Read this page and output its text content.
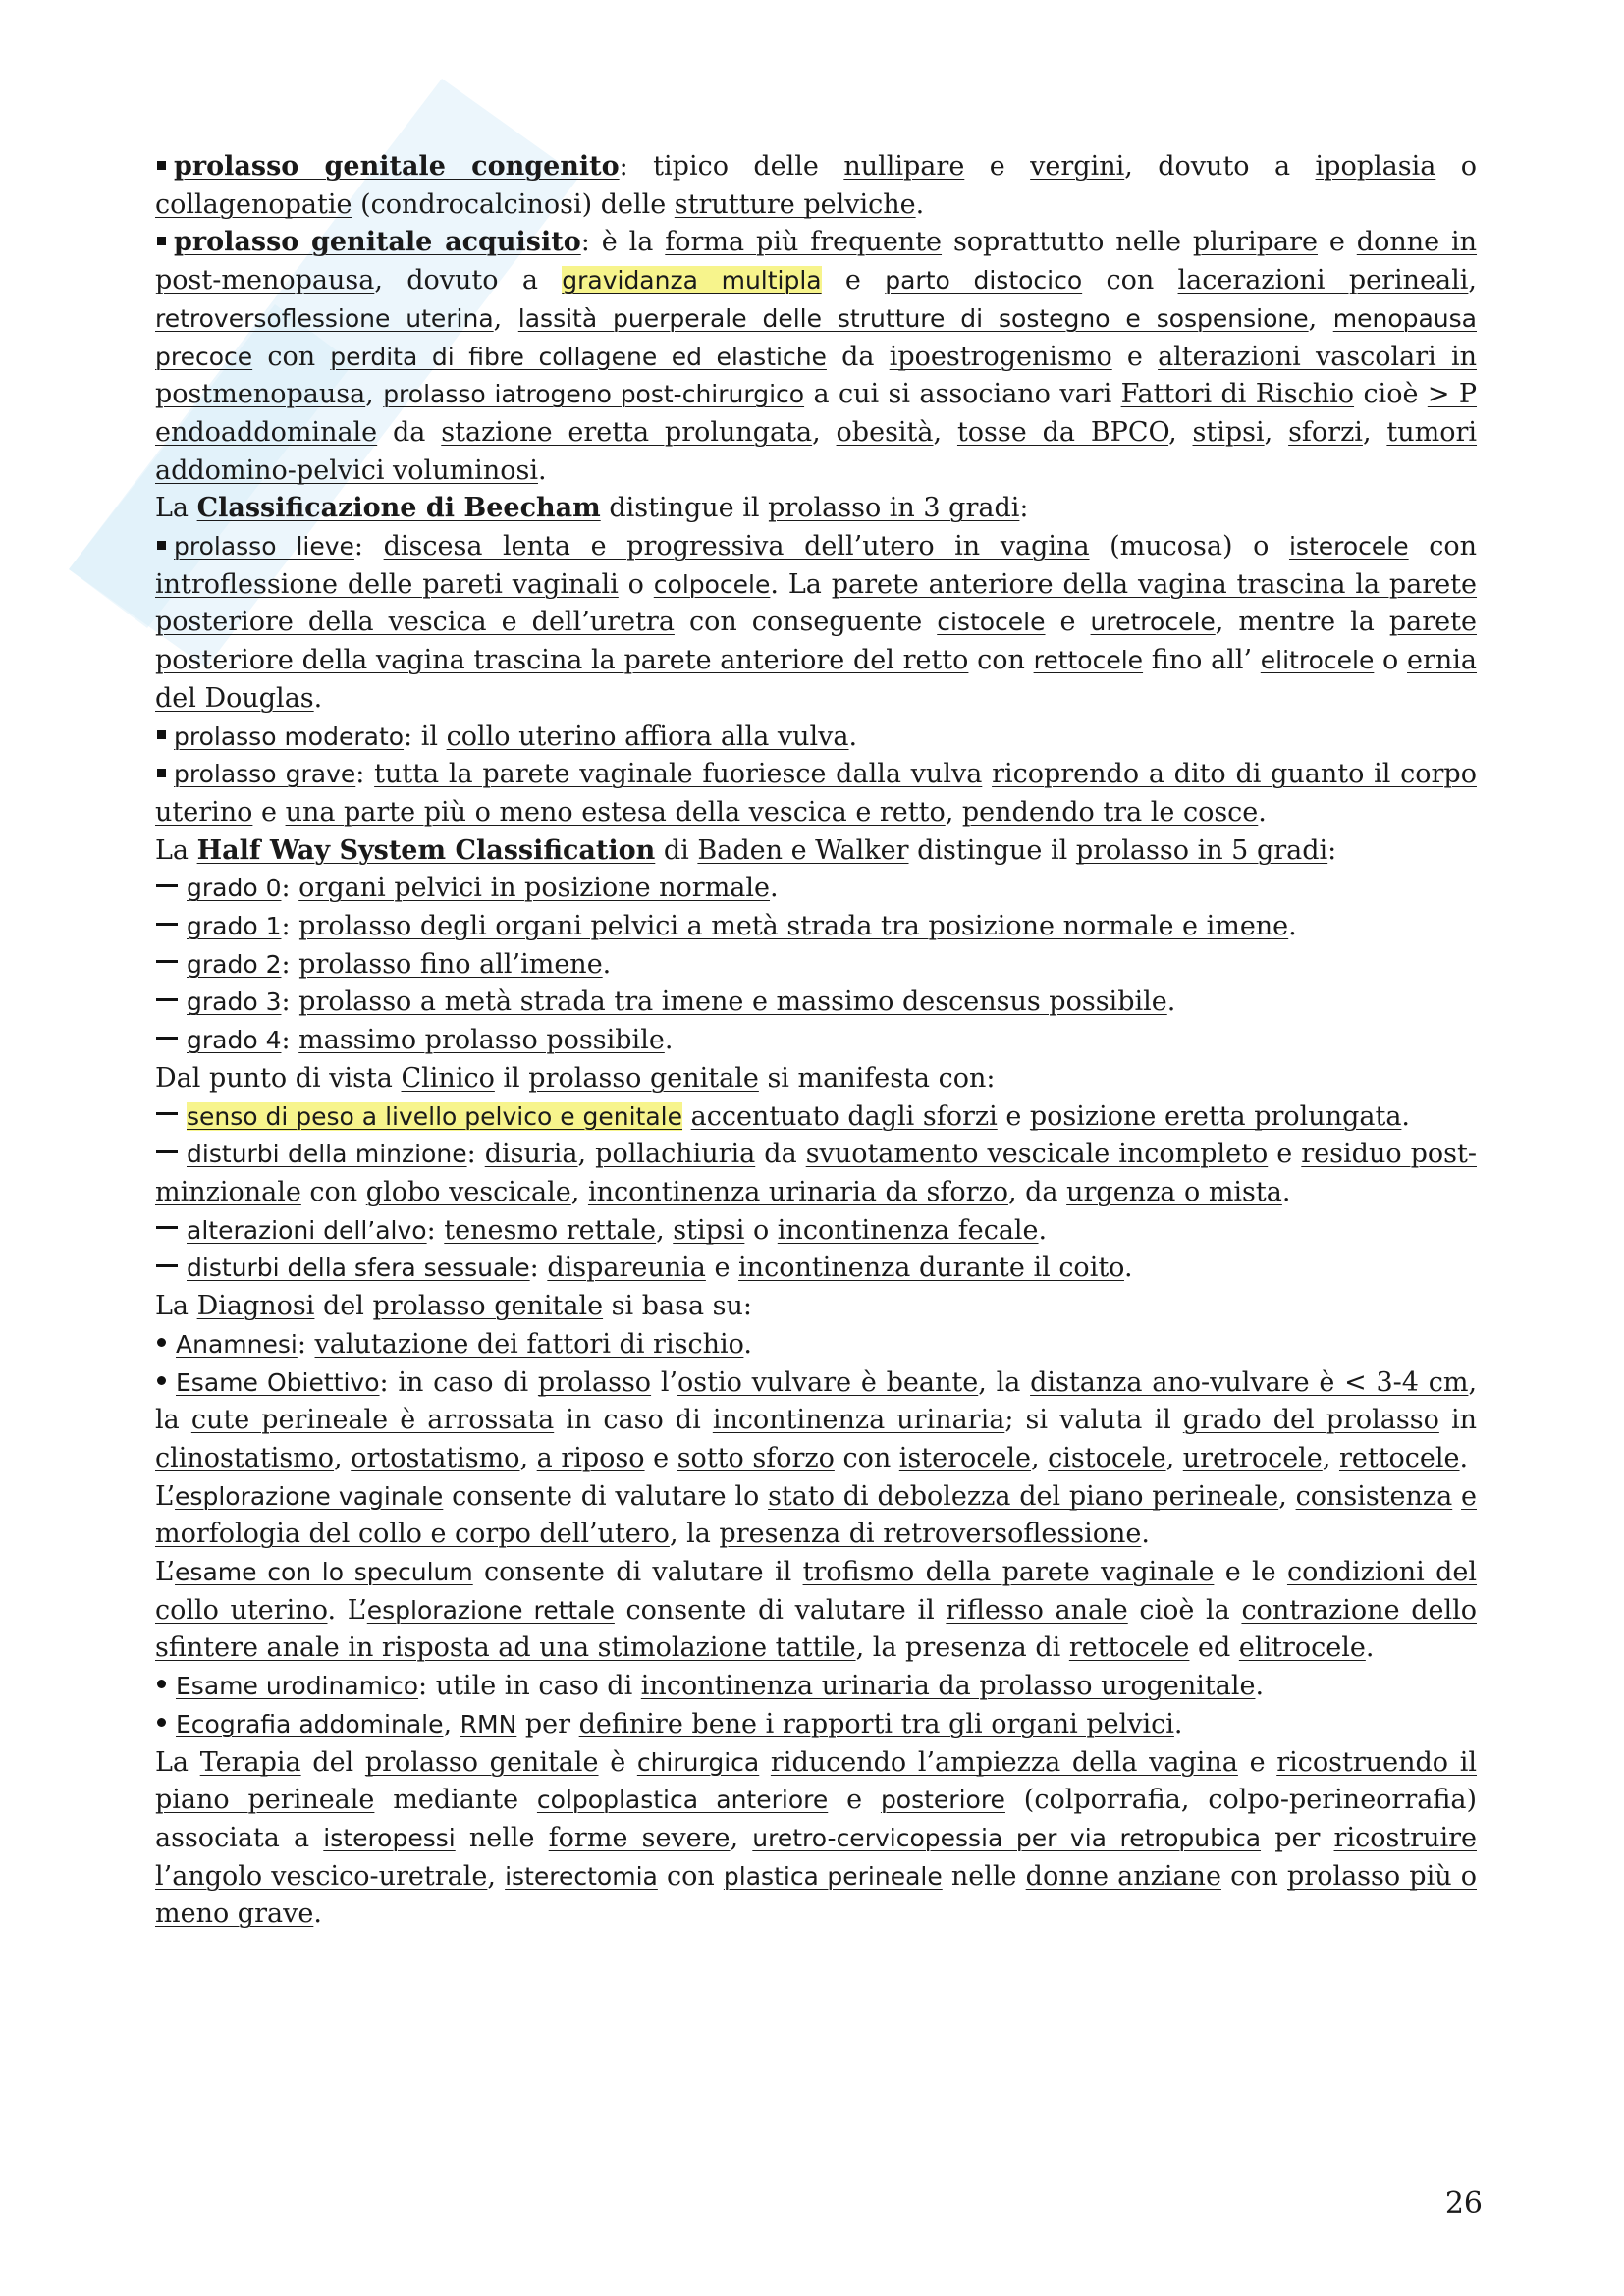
prolasso genitale congenito: tipico delle nullipare e vergini, dovuto a ipoplasia o collagenopatie (condrocalcinosi) delle strutture pelviche.

prolasso genitale acquisito: è la forma più frequente soprattutto nelle pluripare e donne in post-menopausa, dovuto a gravidanza multipla e parto distocico con lacerazioni perineali, retroversoflessione uterina, lassità puerperale delle strutture di sostegno e sospensione, menopausa precoce con perdita di fibre collagene ed elastiche da ipoestrogenismo e alterazioni vascolari in postmenopausa, prolasso iatrogeno post-chirurgico a cui si associano vari Fattori di Rischio cioè > P endoaddominale da stazione eretta prolungata, obesità, tosse da BPCO, stipsi, sforzi, tumori addomino-pelvici voluminosi.

La Classificazione di Beecham distingue il prolasso in 3 gradi:

prolasso lieve: discesa lenta e progressiva dell’utero in vagina (mucosa) o isterocele con introflessione delle pareti vaginali o colpocele. La parete anteriore della vagina trascina la parete posteriore della vescica e dell’uretra con conseguente cistocele e uretrocele, mentre la parete posteriore della vagina trascina la parete anteriore del retto con rettocele fino all’ elitrocele o ernia del Douglas.

prolasso moderato: il collo uterino affiora alla vulva.

prolasso grave: tutta la parete vaginale fuoriesce dalla vulva ricoprendo a dito di guanto il corpo uterino e una parte più o meno estesa della vescica e retto, pendendo tra le cosce.

La Half Way System Classification di Baden e Walker distingue il prolasso in 5 gradi:

grado 0: organi pelvici in posizione normale.

grado 1: prolasso degli organi pelvici a metà strada tra posizione normale e imene.

grado 2: prolasso fino all’imene.

grado 3: prolasso a metà strada tra imene e massimo descensus possibile.

grado 4: massimo prolasso possibile.

Dal punto di vista Clinico il prolasso genitale si manifesta con:

senso di peso a livello pelvico e genitale accentuato dagli sforzi e posizione eretta prolungata.

disturbi della minzione: disuria, pollachiuria da svuotamento vescicale incompleto e residuo post-minzionale con globo vescicale, incontinenza urinaria da sforzo, da urgenza o mista.

alterazioni dell’alvo: tenesmo rettale, stipsi o incontinenza fecale.

disturbi della sfera sessuale: dispareunia e incontinenza durante il coito.

La Diagnosi del prolasso genitale si basa su:

Anamnesi: valutazione dei fattori di rischio.

Esame Obiettivo: in caso di prolasso l’ostio vulvare è beante, la distanza ano-vulvare è < 3-4 cm, la cute perineale è arrossata in caso di incontinenza urinaria; si valuta il grado del prolasso in clinostatismo, ortostatismo, a riposo e sotto sforzo con isterocele, cistocele, uretrocele, rettocele.

L’esplorazione vaginale consente di valutare lo stato di debolezza del piano perineale, consistenza e morfologia del collo e corpo dell’utero, la presenza di retroversoflessione.

L’esame con lo speculum consente di valutare il trofismo della parete vaginale e le condizioni del collo uterino. L’esplorazione rettale consente di valutare il riflesso anale cioè la contrazione dello sfintere anale in risposta ad una stimolazione tattile, la presenza di rettocele ed elitrocele.

Esame urodinamico: utile in caso di incontinenza urinaria da prolasso urogenitale.

Ecografia addominale, RMN per definire bene i rapporti tra gli organi pelvici.

La Terapia del prolasso genitale è chirurgica riducendo l’ampiezza della vagina e ricostruendo il piano perineale mediante colpoplastica anteriore e posteriore (colporrafia, colpo-perineorrafia) associata a isteropessi nelle forme severe, uretro-cervicopessia per via retropubica per ricostruire l’angolo vescico-uretrale, isterectomia con plastica perineale nelle donne anziane con prolasso più o meno grave.

26
